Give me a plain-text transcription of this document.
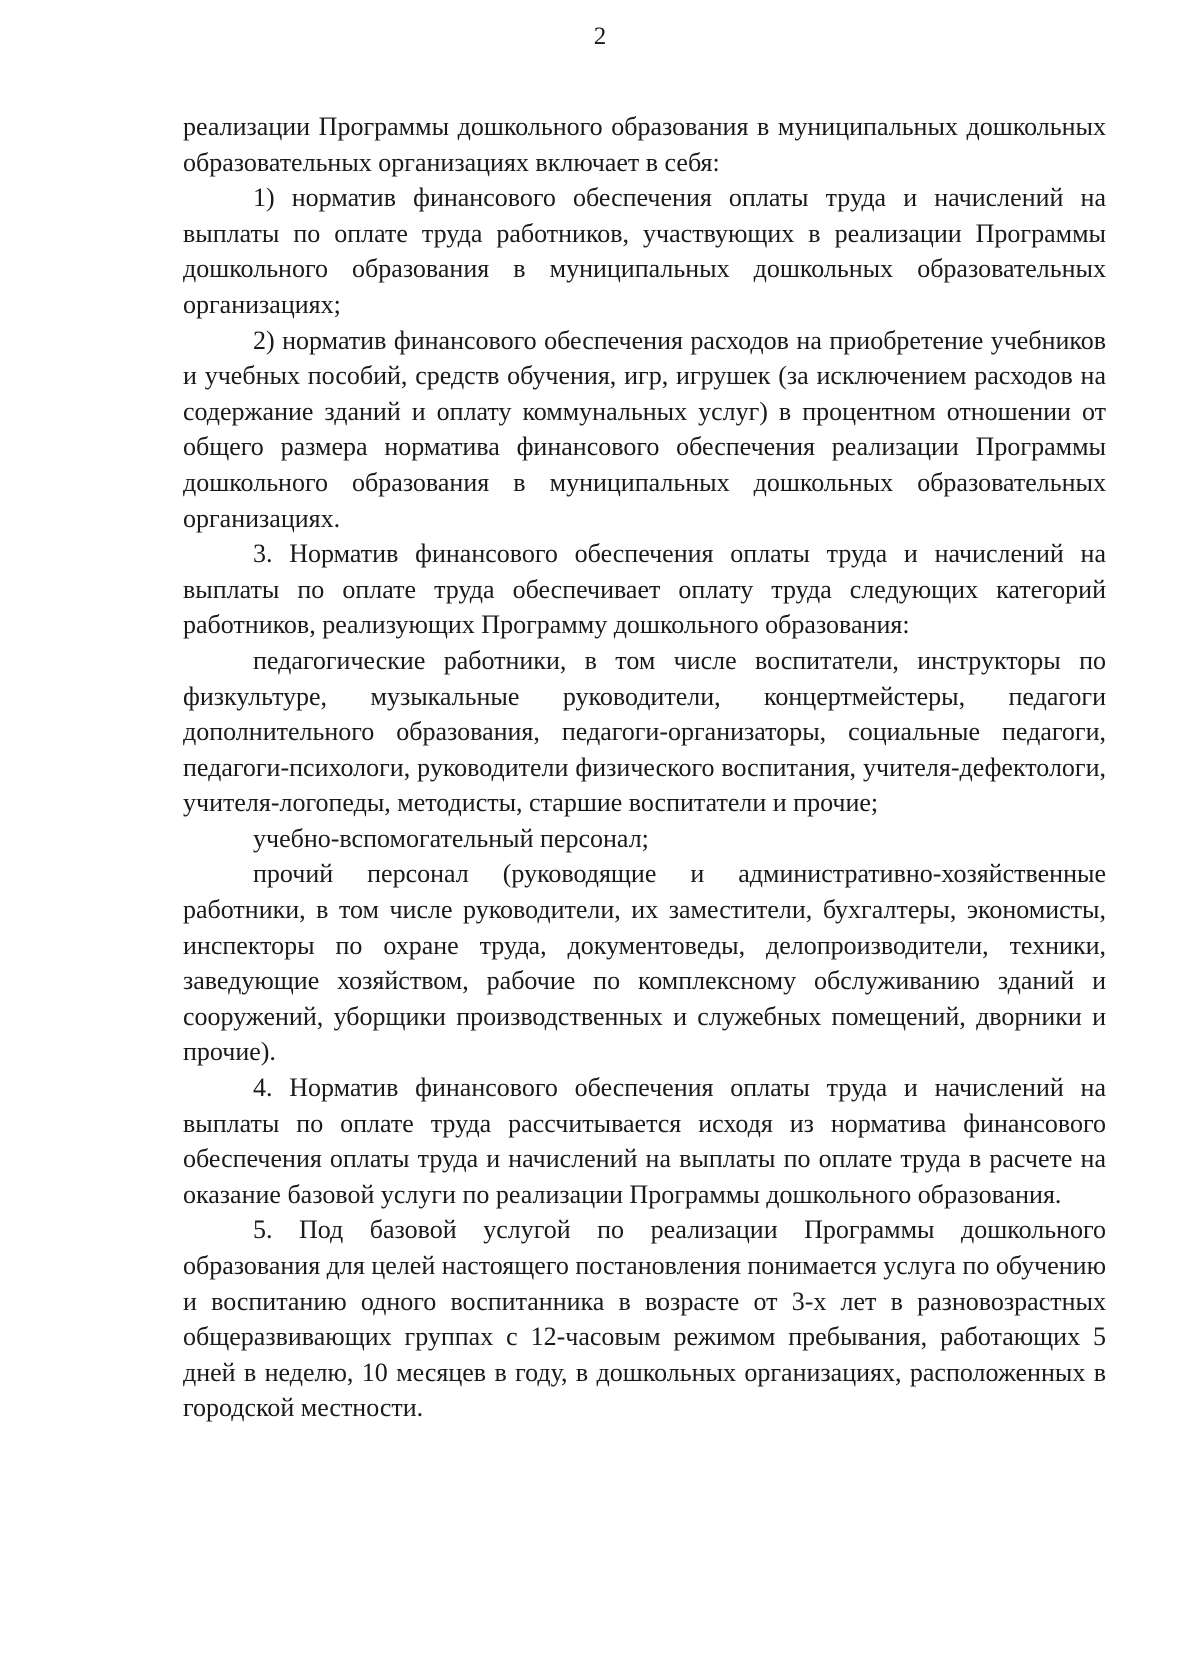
2

реализации Программы дошкольного образования в муниципальных дошкольных образовательных организациях включает в себя:

1) норматив финансового обеспечения оплаты труда и начислений на выплаты по оплате труда работников, участвующих в реализации Программы дошкольного образования в муниципальных дошкольных образовательных организациях;

2) норматив финансового обеспечения расходов на приобретение учебников и учебных пособий, средств обучения, игр, игрушек (за исключением расходов на содержание зданий и оплату коммунальных услуг) в процентном отношении от общего размера норматива финансового обеспечения реализации Программы дошкольного образования в муниципальных дошкольных образовательных организациях.

3. Норматив финансового обеспечения оплаты труда и начислений на выплаты по оплате труда обеспечивает оплату труда следующих категорий работников, реализующих Программу дошкольного образования:

педагогические работники, в том числе воспитатели, инструкторы по физкультуре, музыкальные руководители, концертмейстеры, педагоги дополнительного образования, педагоги-организаторы, социальные педагоги, педагоги-психологи, руководители физического воспитания, учителя-дефектологи, учителя-логопеды, методисты, старшие воспитатели и прочие;

учебно-вспомогательный персонал;

прочий персонал (руководящие и административно-хозяйственные работники, в том числе руководители, их заместители, бухгалтеры, экономисты, инспекторы по охране труда, документоведы, делопроизводители, техники, заведующие хозяйством, рабочие по комплексному обслуживанию зданий и сооружений, уборщики производственных и служебных помещений, дворники и прочие).

4. Норматив финансового обеспечения оплаты труда и начислений на выплаты по оплате труда рассчитывается исходя из норматива финансового обеспечения оплаты труда и начислений на выплаты по оплате труда в расчете на оказание базовой услуги по реализации Программы дошкольного образования.

5. Под базовой услугой по реализации Программы дошкольного образования для целей настоящего постановления понимается услуга по обучению и воспитанию одного воспитанника в возрасте от 3-х лет в разновозрастных общеразвивающих группах с 12-часовым режимом пребывания, работающих 5 дней в неделю, 10 месяцев в году, в дошкольных организациях, расположенных в городской местности.
